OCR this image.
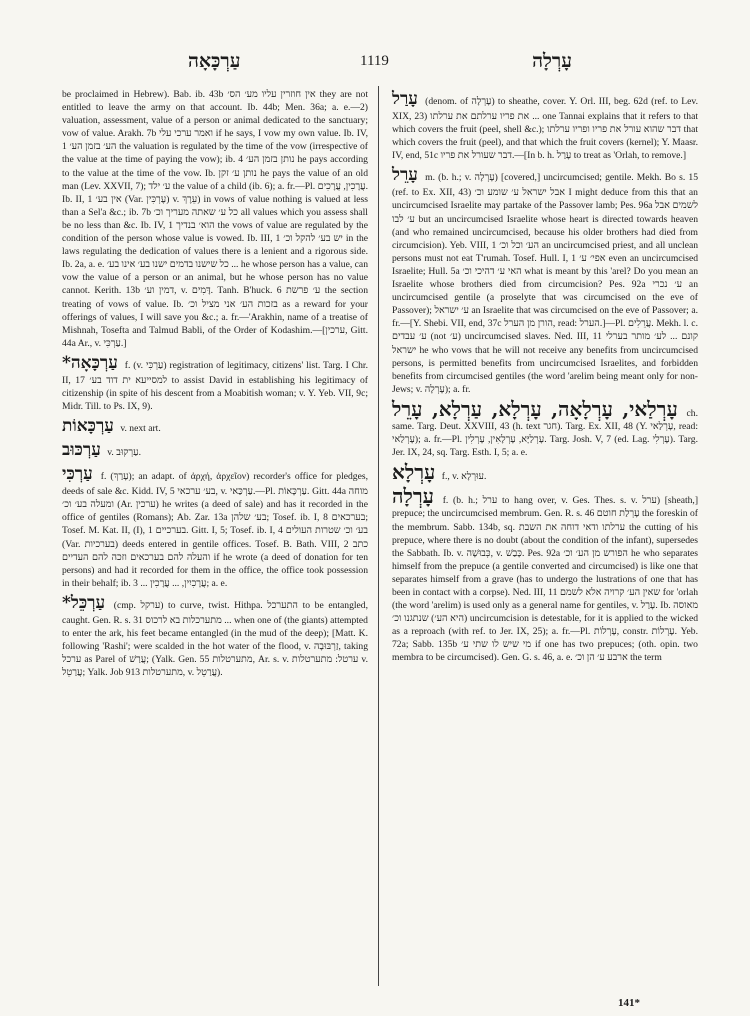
עַרְכָּאָה	1119	עָרְלָה

be proclaimed in Hebrew). Bab. ib. 43b אין חוזרין עליו מע׳ הס׳ they are not entitled to leave the army on that account. Ib. 44b; Men. 36a; a. e.—2) valuation, assessment, value of a person or animal dedicated to the sanctuary; vow of value. Arakh. 7b ואמר ערכי עלי if he says, I vow my own value. Ib. IV, 1 הע׳ בזמן הע׳ the valuation is regulated by the time of the vow (irrespective of the value at the time of paying the vow); ib. 4 נותן בזמן הע׳ he pays according to the value at the time of the vow. Ib. נותן ע׳ זקן he pays the value of an old man (Lev. XXVII, 7); ע׳ ילד the value of a child (ib. 6); a. fr.—Pl. עֲרָכִין, עֲרָכִים. Ib. II, 1 אין בע׳ (Var. עֶרְכִּין) v. עֵרֶךְ) in vows of value nothing is valued at less than a Sel'a &c.; ib. 7b כל ע׳ שאתה מעריך וכ׳ all values which you assess shall be no less than &c. Ib. IV, 1 הוא׳ בנדיך the vows of value are regulated by the condition of the person whose value is vowed. Ib. III, 1 יש בע׳ להקל וכ׳ in the laws regulating the dedication of values there is a lenient and a rigorous side. Ib. 2a, a. e. כל שישנו בדמים ישנו בע׳ אינו בע׳ ... he whose person has a value, can vow the value of a person or an animal, but he whose person has no value cannot. Kerith. 13b דמין וע׳, v. דָּמִים. Tanh. B'huck. 6 ע׳ פרשת the section treating of vows of value. Ib. בזכות הע׳ אני מציל וכ׳ as a reward for your offerings of values, I will save you &c.; a. fr.—'Arakhin, name of a treatise of Mishnah, Tosefta and Talmud Babli, of the Order of Kodashim.—[ערכין, Gitt. 44a Ar., v. עַרְכִּי.]

*עַרְכָּאָה f. (v. עַרְכִּי) registration of legitimacy, citizens' list. Targ. I Chr. II, 17 למסייעא ית דוד בע׳ to assist David in establishing his legitimacy of citizenship (in spite of his descent from a Moabitish woman; v. Y. Yeb. VII, 9c; Midr. Till. to Ps. IX, 9).

עַרְכָּאוֹת v. next art.

עַרְכּוּב v. עַרְקוּב.

עַרְכִּי f. (עָרַךְ); an adapt. of ἀρχή, ἀρχεῖον) recorder's office for pledges, deeds of sale &c. Kidd. IV, 5 בע׳ ערכאי, v. עַרְכַּאי.—Pl. עַרְכָּאוֹת. Gitt. 44a מוחה ומעלה בע׳ וכ׳ (Ar. ערכין) he writes (a deed of sale) and has it recorded in the office of gentiles (Romans); Ab. Zar. 13a בע׳ שלהן; Tosef. ib. I, 8 בערכאים; Tosef. M. Kat. II, (I), 1 בערכיים. Gitt. I, 5; Tosef. ib. I, 4 בע׳ וכ׳ שטרות העולים (Var. בערכיות) deeds entered in gentile offices. Tosef. B. Bath. VIII, 2 כתב והעלה להם בערכאים וזכה להם העדיים if he wrote (a deed of donation for ten persons) and had it recorded for them in the office, the office took possession in their behalf; ib. 3 ... עֲרָכִיִין, ... עֲרָכִין; a. e.

*עַרְכֵּל (cmp. ערקל) to curve, twist. Hithpa. התערכל to be entangled, caught. Gen. R. s. 31 מתערכלות בא לרכוס ... when one of (the giants) attempted to enter the ark, his feet became entangled (in the mud of the deep); [Matt. K. following 'Rashi'; were scalded in the hot water of the flood, v. זַרְבּוּבָה, taking ערכל as Parel of עֲרַשׁ; (Yalk. Gen. 55 מתערטלות, Ar. s. v. ערטל: מתערטלות v. עֲרַטֵל; Yalk. Job 913 מתערטלות, v. עֲרַטֵל).

עָרַל (denom. of עָרְלָה) to sheathe, cover. Y. Orl. III, beg. 62d (ref. to Lev. XIX, 23) את פריו ערלתם את ערלתו ... one Tannai explains that it refers to that which covers the fruit (peel, shell &c.); דבר שהוא עורל את פריו ופריו ערלתו that which covers the fruit (peel), and that which the fruit covers (kernel); Y. Maasr. IV, end, 51c דבר שעורל את פריו.—[In b. h. עָרַל to treat as 'Orlah, to remove.]

עָרֵל m. (b. h.; v. עָרְלָה) [covered,] uncircumcised; gentile. Mekh. Bo s. 15 (ref. to Ex. XII, 43) אבל ישראל ע׳ שומע וכ׳ I might deduce from this that an uncircumcised Israelite may partake of the Passover lamb; Pes. 96a לשמים אבל ע׳ לבו but an uncircumcised Israelite whose heart is directed towards heaven (and who remained uncircumcised, because his older brothers had died from circumcision). Yeb. VIII, 1 הע׳ וכל וכ׳ an uncircumcised priest, and all unclean persons must not eat T'rumah. Tosef. Hull. I, 1 אפי׳ ע׳ even an uncircumcised Israelite; Hull. 5a האי ע׳ דהיכי וכ׳ what is meant by this 'arel? Do you mean an Israelite whose brothers died from circumcision? Pes. 92a ע׳ נכרי an uncircumcised gentile (a proselyte that was circumcised on the eve of Passover); ע׳ ישראל an Israelite that was circumcised on the eve of Passover; a. fr.—[Y. Shebi. VII, end, 37c הורן מן הערל, read: הערל.]—Pl. עֲרֵלִים. Mekh. l. c. ע׳ עבדים (not ע׳) uncircumcised slaves. Ned. III, 11 קונם ... לע׳ מותר בערלי ישראל he who vows that he will not receive any benefits from uncircumcised persons, is permitted benefits from uncircumcised Israelites, and forbidden benefits from circumcised gentiles (the word 'arelim being meant only for non-Jews; v. עָרְלָה); a. fr.

עָרְלַאי, עָרְלָאָה, עָרְלָא, עַרְלָא, עָרֵל ch. same. Targ. Deut. XXVIII, 43 (h. text חגר). Targ. Ex. XII, 48 (Y. עָרְלַאי, read: עָרְלַאי); a. fr.—Pl. עָרְלַיָּא, עָרְלָאִין, עָרְלִין. Targ. Josh. V, 7 (ed. Lag. עָרְלִי). Targ. Jer. IX, 24, sq. Targ. Esth. I, 5; a. e.

עָרְלָא f., v. עוּרְלָא.

עָרְלָה f. (b. h.; ערל to hang over, v. Ges. Thes. s. v. ערל) [sheath,] prepuce; the uncircumcised membrum. Gen. R. s. 46 עָרְלַת חוטם the foreskin of the membrum. Sabb. 134b, sq. ערלתו ודאי דוחה את השבת the cutting of his prepuce, where there is no doubt (about the condition of the infant), supersedes the Sabbath. Ib. v. כְּבוּשָׁה, v. כָּבַשׁ. Pes. 92a הפורש מן הע׳ וכ׳ he who separates himself from the prepuce (a gentile converted and circumcised) is like one that separates himself from a grave (has to undergo the lustrations of one that has been in contact with a corpse). Ned. III, 11 שאין הע׳ קרויה אלא לשמם for 'orlah (the word 'arelim) is used only as a general name for gentiles, v. עָרַל. Ib. מאוסה (היא הע׳) שנתגנו וכ׳ uncircumcision is detestable, for it is applied to the wicked as a reproach (with ref. to Jer. IX, 25); a. fr.—Pl. עָרְלוֹת, constr. עָרְלוֹת. Yeb. 72a; Sabb. 135b מי שיש לו שתי ע׳ if one has two prepuces; (oth. opin. two membra to be circumcised). Gen. G. s. 46, a. e. ארבע ע׳ הן וכ׳ the term

141*
